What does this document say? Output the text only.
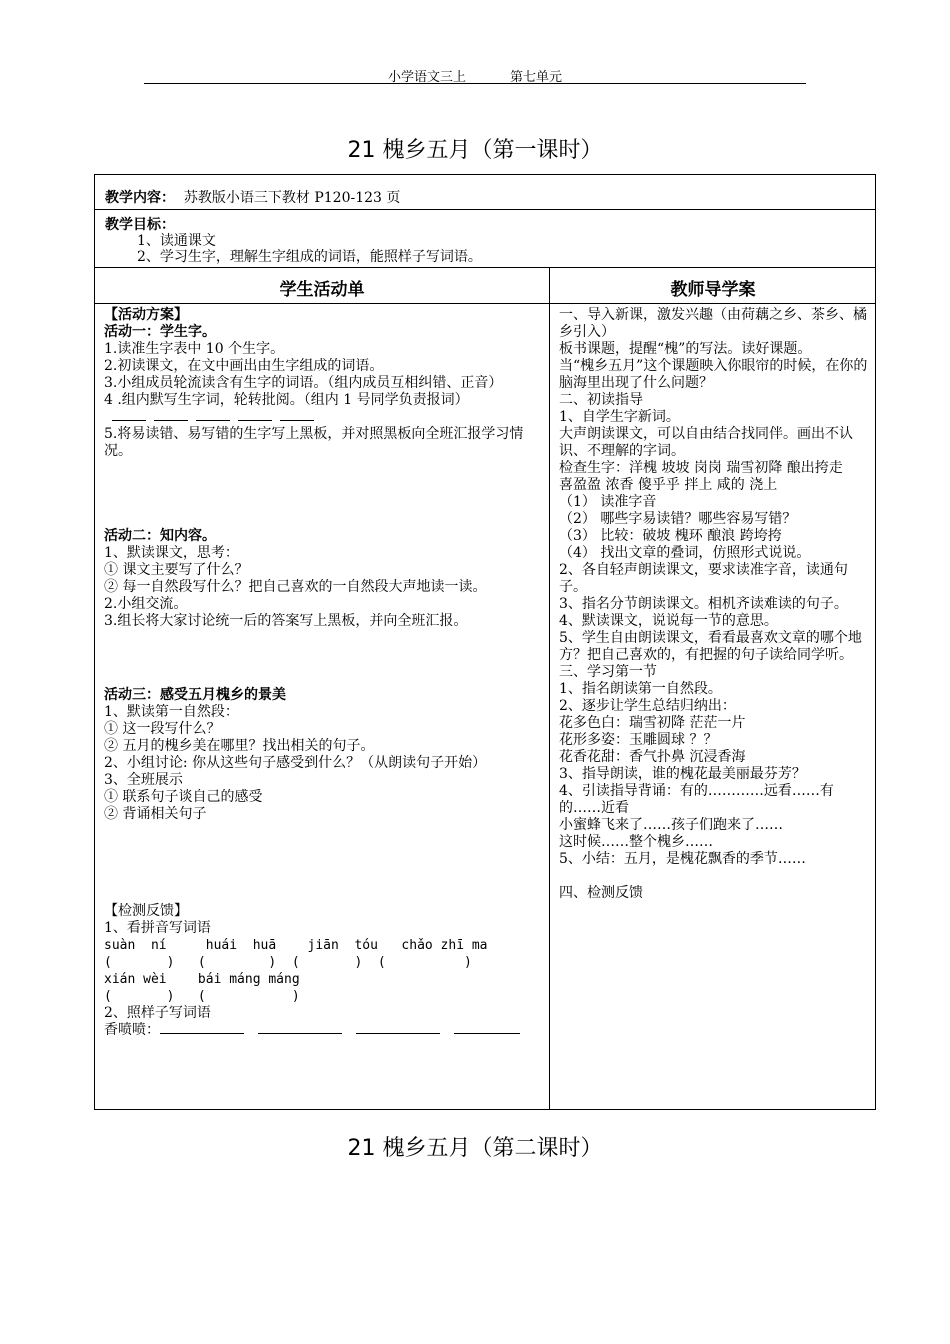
小学语文三上	第七单元
21 槐乡五月（第一课时）
教学内容： 苏教版小语三下教材 P120-123 页
教学目标：
1、读通课文
2、学习生字，理解生字组成的词语，能照样子写词语。
学生活动单	教师导学案
【活动方案】
活动一：学生字。
1.读准生字表中 10 个生字。
2.初读课文，在文中画出由生字组成的词语。
3.小组成员轮流读含有生字的词语。（组内成员互相纠错、正音）
4 .组内默写生字词，轮转批阅。（组内 1 号同学负责报词）
5.将易读错、易写错的生字写上黑板，并对照黑板向全班汇报学习情况。
活动二：知内容。
1、默读课文，思考：
① 课文主要写了什么？
② 每一自然段写什么？把自己喜欢的一自然段大声地读一读。
2.小组交流。
3.组长将大家讨论统一后的答案写上黑板，并向全班汇报。
活动三：感受五月槐乡的景美
1、默读第一自然段：
① 这一段写什么？
② 五月的槐乡美在哪里？找出相关的句子。
2、小组讨论: 你从这些句子感受到什么？（从朗读句子开始）
3、全班展示
① 联系句子谈自己的感受
② 背诵相关句子
【检测反馈】
1、看拼音写词语
suàn  ní     huái  huā    jiān  tóu   chǎo zhī ma
(       )   (        )  (       )  (          )
xián wèi    bái máng máng
(       )   (           )
2、照样子写词语
香喷喷：
一、导入新课，激发兴趣（由荷藕之乡、茶乡、橘乡引入）
板书课题，提醒“槐”的写法。读好课题。
当“槐乡五月”这个课题映入你眼帘的时候，在你的脑海里出现了什么问题？
二、初读指导
1、自学生字新词。
大声朗读课文，可以自由结合找同伴。画出不认识、不理解的字词。
检查生字：洋槐 坡坡 岗岗 瑞雪初降 酿出挎走
喜盈盈 浓香 傻乎乎 拌上 咸的 浇上
（1） 读准字音
（2） 哪些字易读错？哪些容易写错？
（3） 比较：破坡 槐环 酿浪 跨垮挎
（4） 找出文章的叠词，仿照形式说说。
2、各自轻声朗读课文，要求读准字音，读通句子。
3、指名分节朗读课文。相机齐读难读的句子。
4、默读课文，说说每一节的意思。
5、学生自由朗读课文，看看最喜欢文章的哪个地方？把自己喜欢的，有把握的句子读给同学听。
三、学习第一节
1、指名朗读第一自然段。
2、逐步让学生总结归纳出：
花多色白：瑞雪初降 茫茫一片
花形多姿：玉雕圆球 ？？
花香花甜：香气扑鼻 沉浸香海
3、指导朗读，谁的槐花最美丽最芬芳？
4、引读指导背诵：有的…………远看……有的……近看
小蜜蜂飞来了……孩子们跑来了……
这时候……整个槐乡……
5、小结：五月，是槐花飘香的季节……
四、检测反馈
21 槐乡五月（第二课时）
